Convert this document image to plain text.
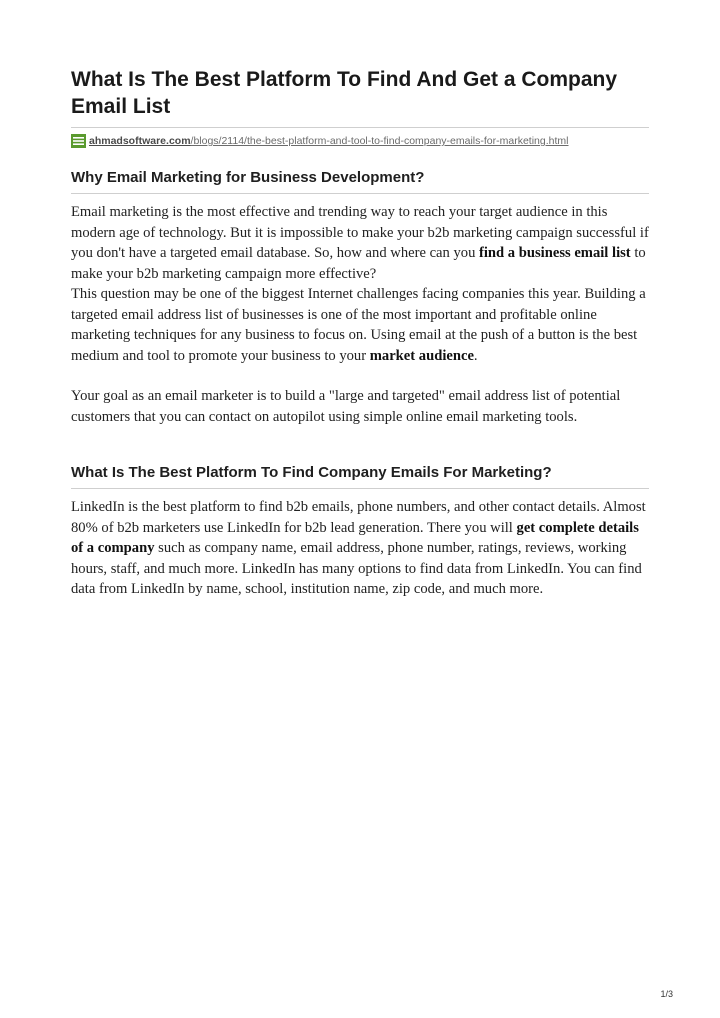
What Is The Best Platform To Find And Get a Company Email List
ahmadsoftware.com /blogs/2114/the-best-platform-and-tool-to-find-company-emails-for-marketing.html
Why Email Marketing for Business Development?

Email marketing is the most effective and trending way to reach your target audience in this modern age of technology. But it is impossible to make your b2b marketing campaign successful if you don't have a targeted email database. So, how and where can you find a business email list to make your b2b marketing campaign more effective?

This question may be one of the biggest Internet challenges facing companies this year. Building a targeted email address list of businesses is one of the most important and profitable online marketing techniques for any business to focus on. Using email at the push of a button is the best medium and tool to promote your business to your market audience.

Your goal as an email marketer is to build a "large and targeted" email address list of potential customers that you can contact on autopilot using simple online email marketing tools.

What Is The Best Platform To Find Company Emails For Marketing?

LinkedIn is the best platform to find b2b emails, phone numbers, and other contact details. Almost 80% of b2b marketers use LinkedIn for b2b lead generation. There you will get complete details of a company such as company name, email address, phone number, ratings, reviews, working hours, staff, and much more. LinkedIn has many options to find data from LinkedIn. You can find data from LinkedIn by name, school, institution name, zip code, and much more.

1/3
